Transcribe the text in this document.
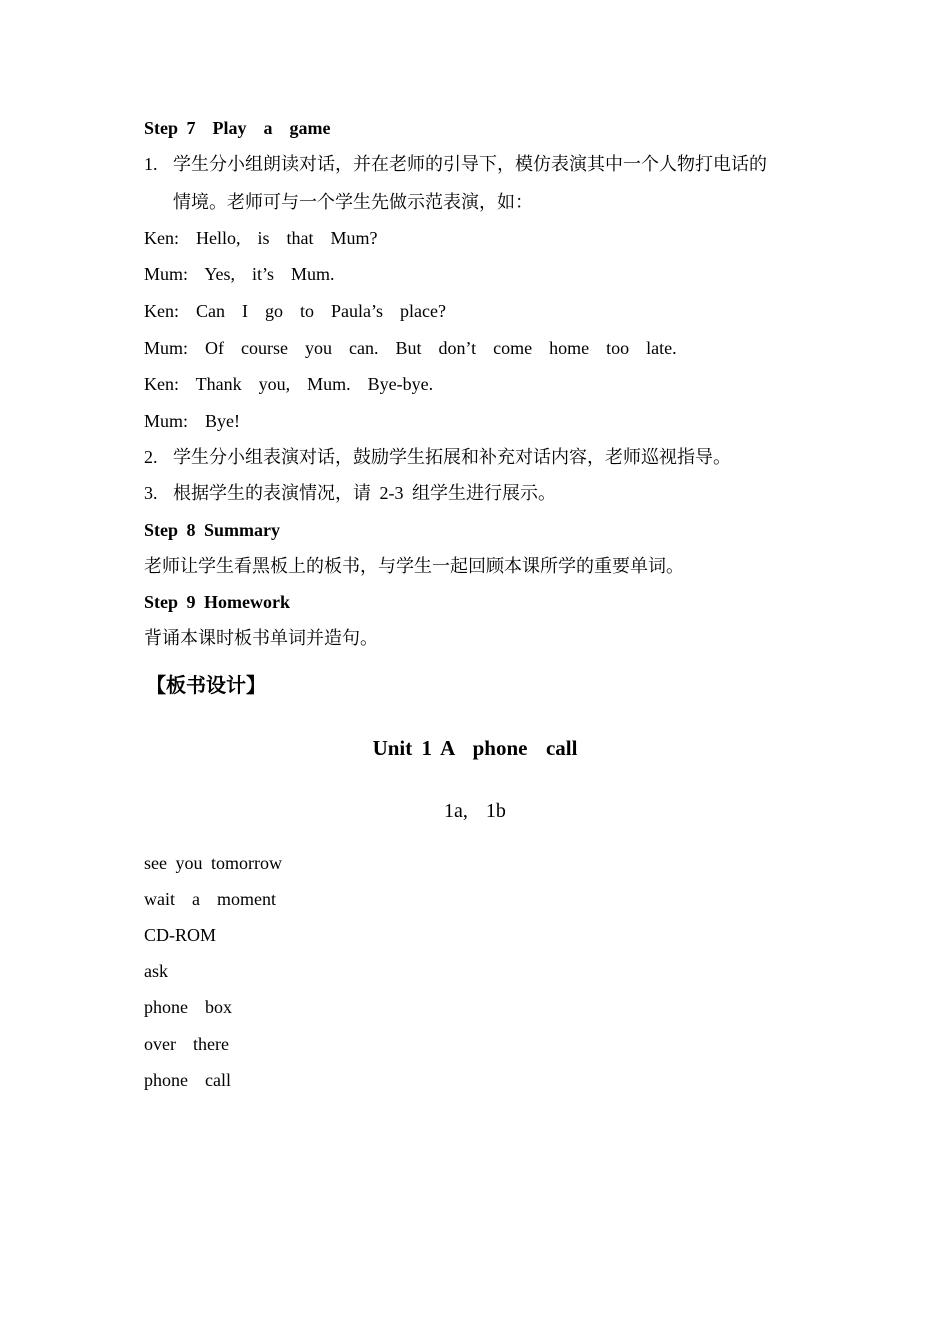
Step 7  Play  a  game
1. 学生分小组朗读对话，并在老师的引导下，模仿表演其中一个人物打电话的
情境。老师可与一个学生先做示范表演，如：
Ken:  Hello,  is  that  Mum?
Mum:  Yes,  it’s  Mum.
Ken:  Can  I  go  to  Paula’s  place?
Mum:  Of  course  you  can.  But  don’t  come  home  too  late.
Ken:  Thank  you,  Mum.  Bye-bye.
Mum:  Bye!
2. 学生分小组表演对话，鼓励学生拓展和补充对话内容，老师巡视指导。
3. 根据学生的表演情况，请 2-3 组学生进行展示。
Step 8 Summary
老师让学生看黑板上的板书，与学生一起回顾本课所学的重要单词。
Step 9 Homework
背诵本课时板书单词并造句。
【板书设计】
Unit 1 A  phone  call
1a,  1b
see you tomorrow
wait  a  moment
CD-ROM
ask
phone  box
over  there
phone  call
